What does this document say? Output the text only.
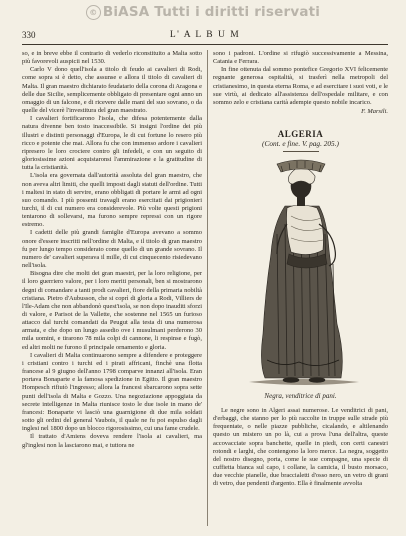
© BiASA Tutti i diritti riservati
330	L' A L B U M

so, e in breve ebbe il contrario di vederlo riconstituito a Malta sotto più favorevoli auspicii nel 1530.

Carlo V dono quell'isola a titolo di feudo ai cavalieri di Rodi, come sopra si è detto, che assunse e allora il titolo di cavalieri di Malta. Il gran maestro dichiarato feudatario della corona di Aragona e delle due Sicilie, semplicemente obbligato di presentare ogni anno un omaggio di un falcone, e di ricevere dalle mani del suo sovrano, o da quelle del vicerè l'investitura del gran maestrato.

I cavalieri fortificarono l'isola, che difesa potentemente dalla natura divenne ben tosto inaccessibile. Si insigni l'ordine dei più illustri e distinti personaggi d'Europa, le di cui fortune lo resero più ricco e potente che mai. Allora fu che con immenso ardore i cavalieri ripresero le loro crociere contro gli infedeli, e con un seguito di gloriosissime azioni acquistaronsi l'ammirazione e la gratitudine di tutta la cristianità.

L'isola era governata dall'autorità assoluta del gran maestro, che non aveva altri limiti, che quelli imposti dagli statuti dell'ordine. Tutti i maltesi in stato di servire, erano obbligati di portare le armi ad ogni suo comando. I più possenti travagli erano esercitati dai prigionieri turchi, il di cui numero era considerevole. Più volte questi prigioni tentarono di sollevarsi, ma furono sempre repressi con un rigore estremo.

I cadetti delle più grandi famiglie d'Europa avevano a sommo onore d'essere inscritti nell'ordine di Malta, e il titolo di gran maestro fu per lungo tempo considerato come quello di un grande sovrano. Il numero de' cavalieri superava il mille, di cui cinquecento risiedevano nell'isola.

Bisogna dire che molti dei gran maestri, per la loro religione, per il loro guerriero valore, per i loro meriti personali, ben si mostrarono degni di comandare a tanti prodi cavalieri, fiore della primaria nobiltà cristiana. Pietro d'Aubusson, che si coprì di gloria a Rodi, Villiers de l'Ile-Adam che non abbandonò quest'isola, se non dopo inauditi sforzi di valore, e Parisot de la Vallette, che sostenne nel 1565 un furioso attacco dal turchi comandati da Peugut alla testa di una numerosa armata, e che dopo un lungo assedio ove i musulmani perderono 30 mila uomini, e tirarono 78 mila colpi di cannone, li respinse e fugò, ed altri molti ne furono il principale ornamento e gloria.

I cavalieri di Malta continuarono sempre a difendere e proteggere i cristiani contro i turchi ed i pirati affricani, finchè una flotta francese al 9 giugno dell'anno 1798 comparve innanzi all'isola. Eran portava Bonaparte e la famosa spedizione in Egitto. Il gran maestro Hompesch rifiutò l'ingresso; allora la francesi sbarcarono sopra sette punti dell'isola di Malta e Gozzo. Una negoziazione appoggiata da secrete intelligenze in Malta riunisce tosto le due isole in mano de' francesi: Bonaparte vi lasciò una guarnigione di due mila soldati sotto gli ordini del general Vaubois, il quale ne fu poi espulso dagli inglesi nel 1800 dopo un blocco rigorosissimo, cui una fame crudele.

Il trattato d'Amiens doveva rendere l'isola ai cavalieri, ma gl'inglesi non la lasciarono mai, e tuttora ne

sono i padroni. L'ordine si rifugiò successivamente a Messina, Catania e Ferrara.

In fine ottenuta dal sommo pontefice Gregorio XVI felicemente regnante generosa ospitalità, si trasferì nella metropoli del cristianesimo, in questa eterna Roma, e ad esercitare i suoi voti, e le sue virtù, ai dedicato all'assistenza dell'ospedale militare, e con sommo zelo e cristiana carità adempie questo nobile incarico.

F. Marsili.
ALGERIA
(Cont. e fine. V. pag. 205.)
Negra, venditrice di pani.

Le negre sono in Algeri assai numerose. Le venditrici di pani, d'erbaggi, che stanno per lo più raccolte in truppe sulle strade più frequentate, o nelle piazze pubbliche, cicalando, e altilenando questo un mistero un po là, cui a prova l'una dell'altra, queste accovacciate sopra banchette, quelle in piedi, con certi canestri rotondi e larghi, che contengono la loro merce. La negra, soggetto del nostro disegno, porta, come le sue compagne, una specie di cuffietta bianca sul capo, i collane, la camicia, il busto morsaco, due vecchie pianelle, due braccialetti d'osso nero, un vetro di grani di vetro, due pendenti d'argento. Ella è finalmente avvolta
